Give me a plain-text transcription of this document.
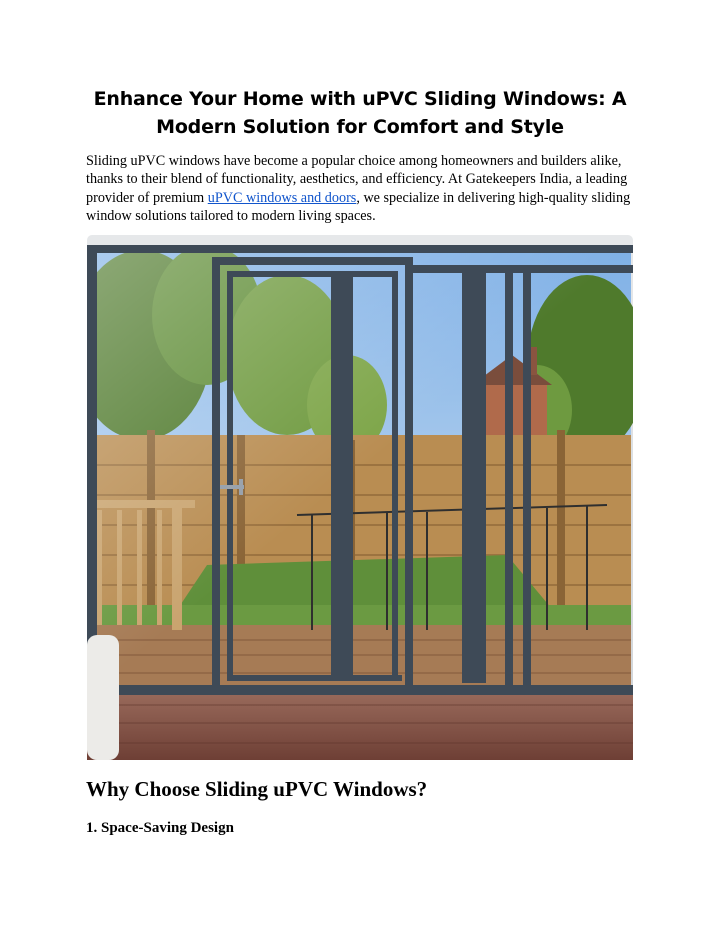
Enhance Your Home with uPVC Sliding Windows: A Modern Solution for Comfort and Style

Sliding uPVC windows have become a popular choice among homeowners and builders alike, thanks to their blend of functionality, aesthetics, and efficiency. At Gatekeepers India, a leading provider of premium uPVC windows and doors, we specialize in delivering high-quality sliding window solutions tailored to modern living spaces.

Why Choose Sliding uPVC Windows?
1. Space-Saving Design
